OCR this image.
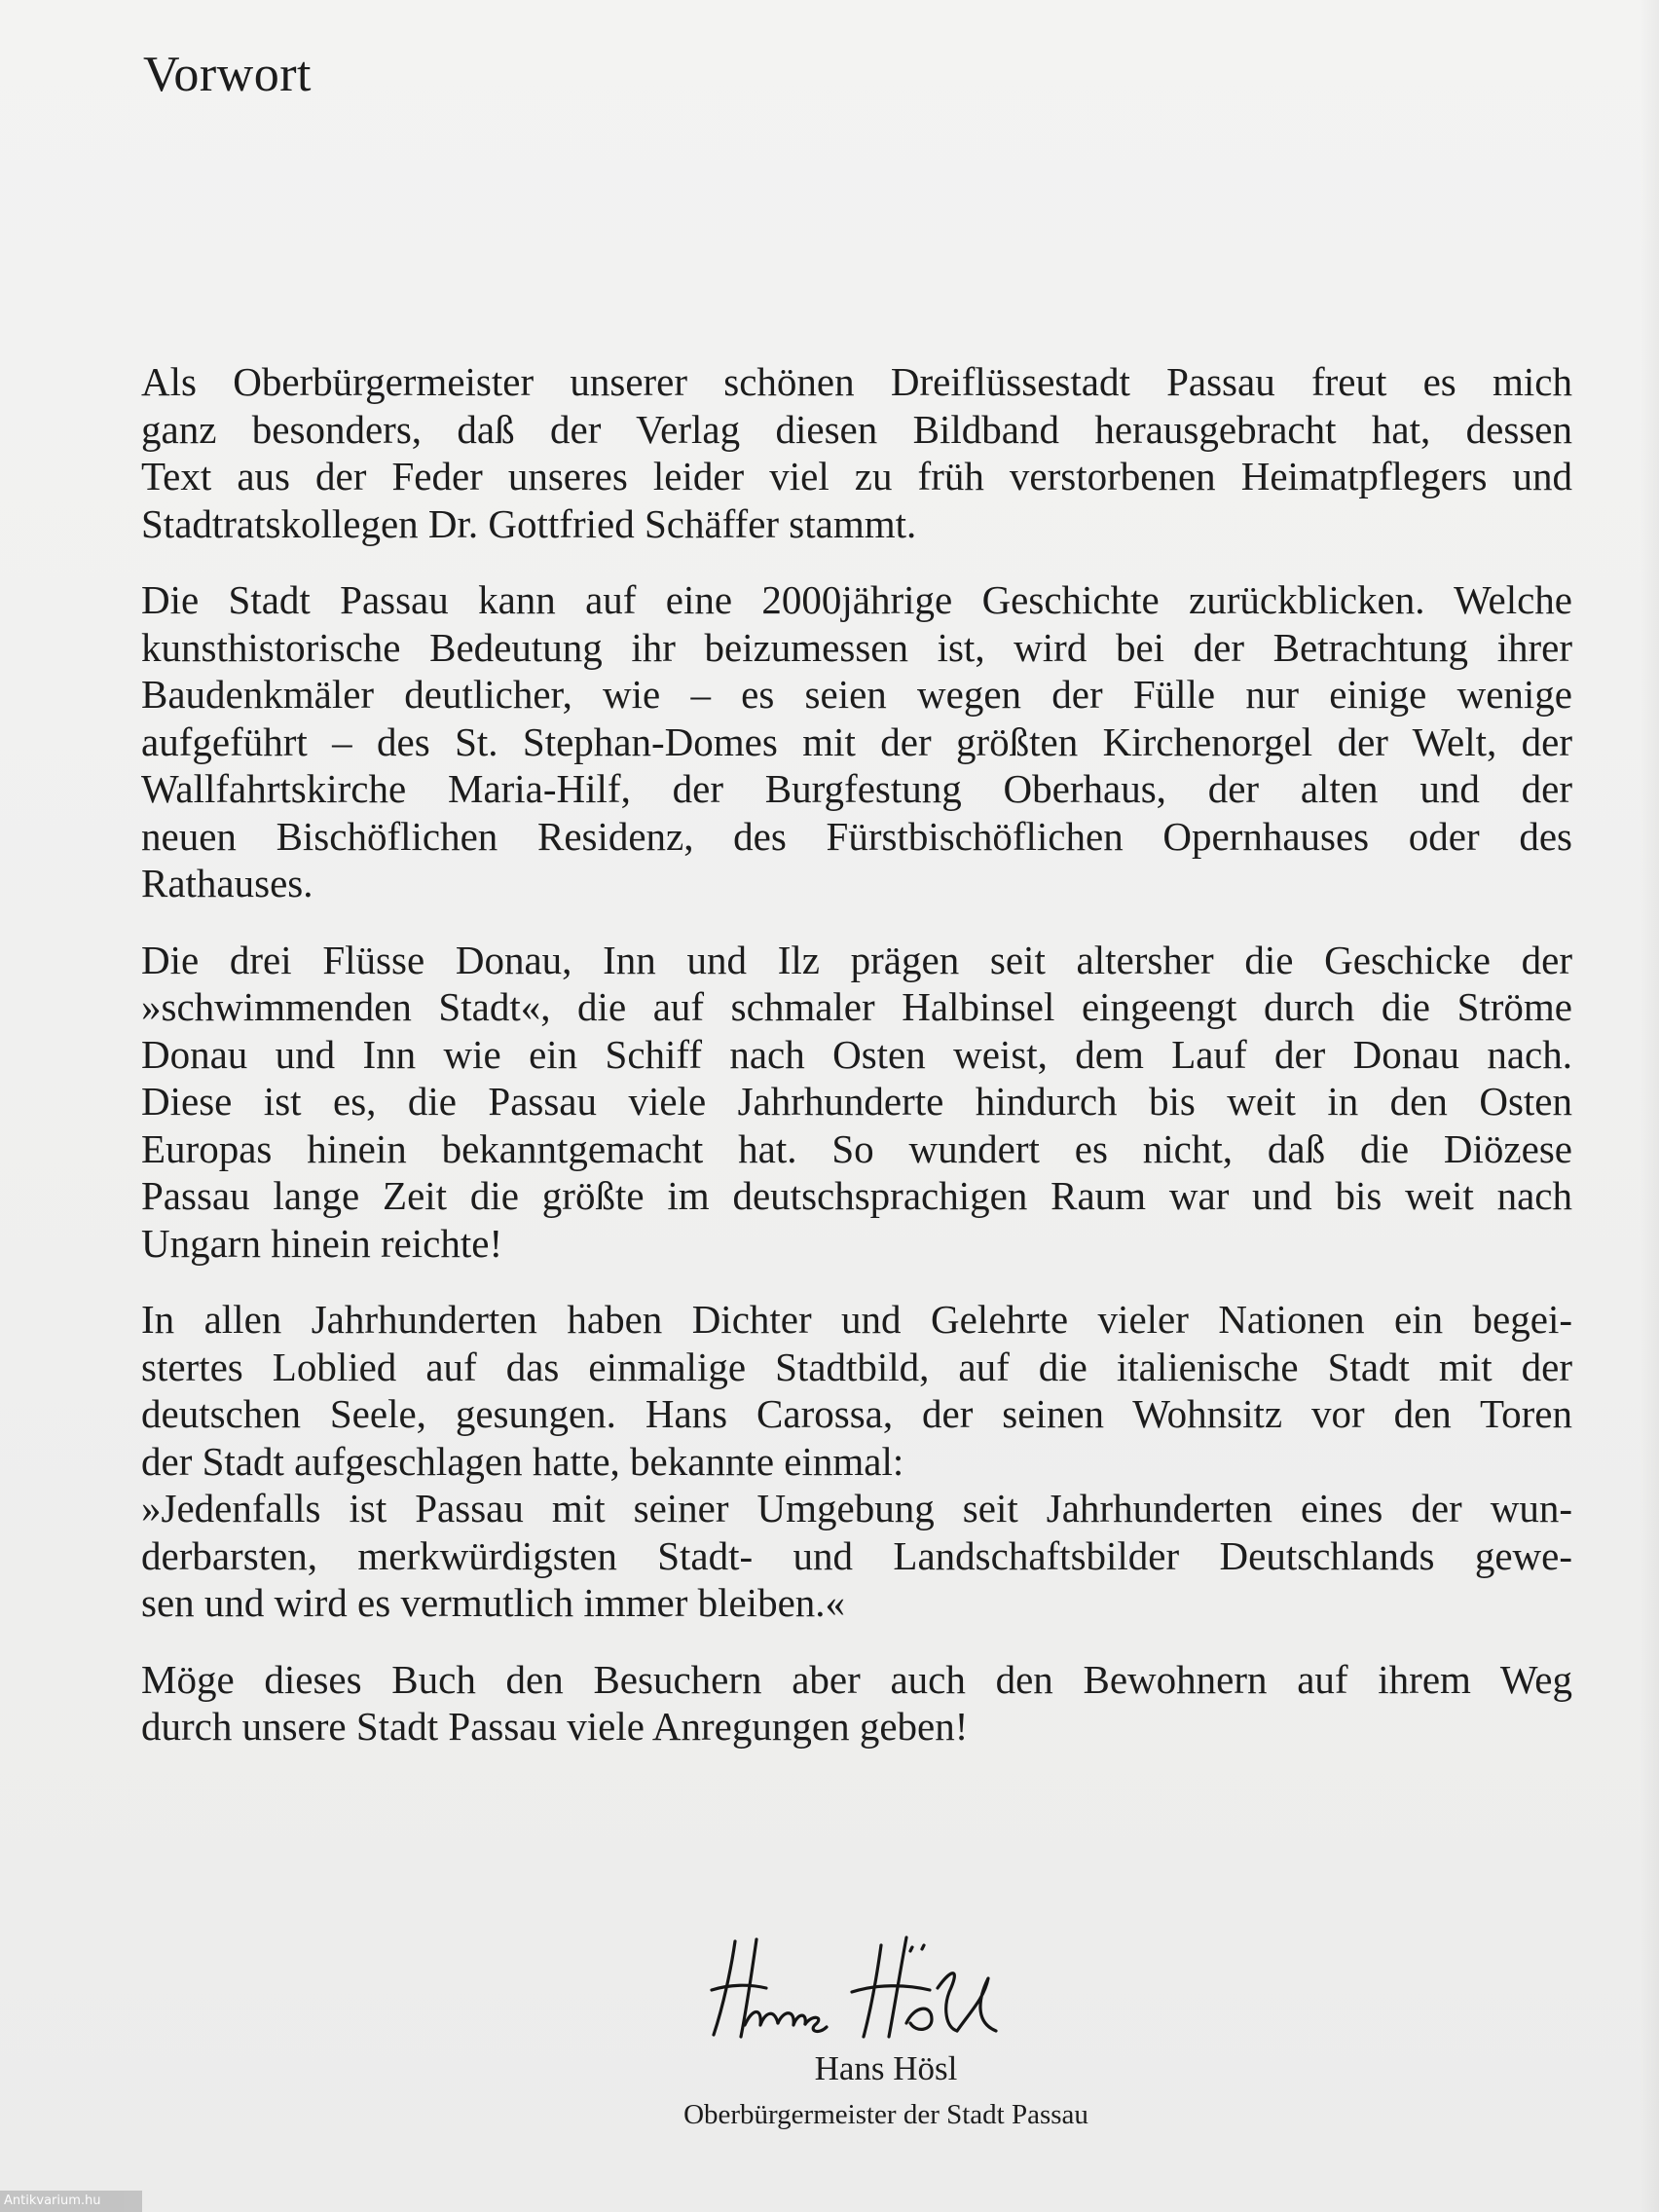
Vorwort

Als Oberbürgermeister unserer schönen Dreiflüssestadt Passau freut es mich
ganz besonders, daß der Verlag diesen Bildband herausgebracht hat, dessen
Text aus der Feder unseres leider viel zu früh verstorbenen Heimatpflegers und
Stadtratskollegen Dr. Gottfried Schäffer stammt.

Die Stadt Passau kann auf eine 2000jährige Geschichte zurückblicken. Welche
kunsthistorische Bedeutung ihr beizumessen ist, wird bei der Betrachtung ihrer
Baudenkmäler deutlicher, wie – es seien wegen der Fülle nur einige wenige
aufgeführt – des St. Stephan-Domes mit der größten Kirchenorgel der Welt, der
Wallfahrtskirche Maria-Hilf, der Burgfestung Oberhaus, der alten und der
neuen Bischöflichen Residenz, des Fürstbischöflichen Opernhauses oder des
Rathauses.

Die drei Flüsse Donau, Inn und Ilz prägen seit altersher die Geschicke der
»schwimmenden Stadt«, die auf schmaler Halbinsel eingeengt durch die Ströme
Donau und Inn wie ein Schiff nach Osten weist, dem Lauf der Donau nach.
Diese ist es, die Passau viele Jahrhunderte hindurch bis weit in den Osten
Europas hinein bekanntgemacht hat. So wundert es nicht, daß die Diözese
Passau lange Zeit die größte im deutschsprachigen Raum war und bis weit nach
Ungarn hinein reichte!

In allen Jahrhunderten haben Dichter und Gelehrte vieler Nationen ein begei-
stertes Loblied auf das einmalige Stadtbild, auf die italienische Stadt mit der
deutschen Seele, gesungen. Hans Carossa, der seinen Wohnsitz vor den Toren
der Stadt aufgeschlagen hatte, bekannte einmal:
»Jedenfalls ist Passau mit seiner Umgebung seit Jahrhunderten eines der wun-
derbarsten, merkwürdigsten Stadt- und Landschaftsbilder Deutschlands gewe-
sen und wird es vermutlich immer bleiben.«

Möge dieses Buch den Besuchern aber auch den Bewohnern auf ihrem Weg
durch unsere Stadt Passau viele Anregungen geben!

Hans Hösl
Oberbürgermeister der Stadt Passau
Antikvarium.hu
